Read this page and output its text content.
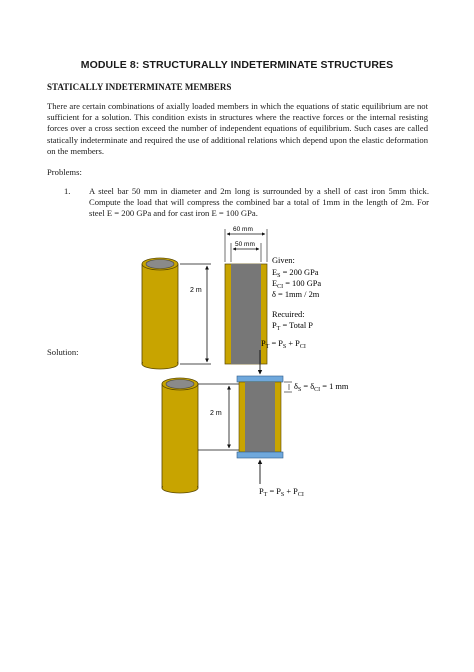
MODULE 8: STRUCTURALLY INDETERMINATE STRUCTURES
STATICALLY INDETERMINATE MEMBERS
There are certain combinations of axially loaded members in which the equations of static equilibrium are not sufficient for a solution. This condition exists in structures where the reactive forces or the internal resisting forces over a cross section exceed the number of independent equations of equilibrium. Such cases are called statically indeterminate and required the use of additional relations which depend upon the elastic deformation on the members.
Problems:
1. A steel bar 50 mm in diameter and 2m long is surrounded by a shell of cast iron 5mm thick. Compute the load that will compress the combined bar a total of 1mm in the length of 2m. For steel E = 200 GPa and for cast iron E = 100 GPa.
Solution:
2 m
60 mm
50 mm
Given:
$E_S = 200$ GPa
$E_{CI} = 100$ GPa
δ = 1mm / 2m
Recuired:
$P_T$ = Total P
$P_T = P_S + P_{CI}$
2 m
$\delta_S = \delta_{CI} = 1$ mm
$P_T = P_S + P_{CI}$
